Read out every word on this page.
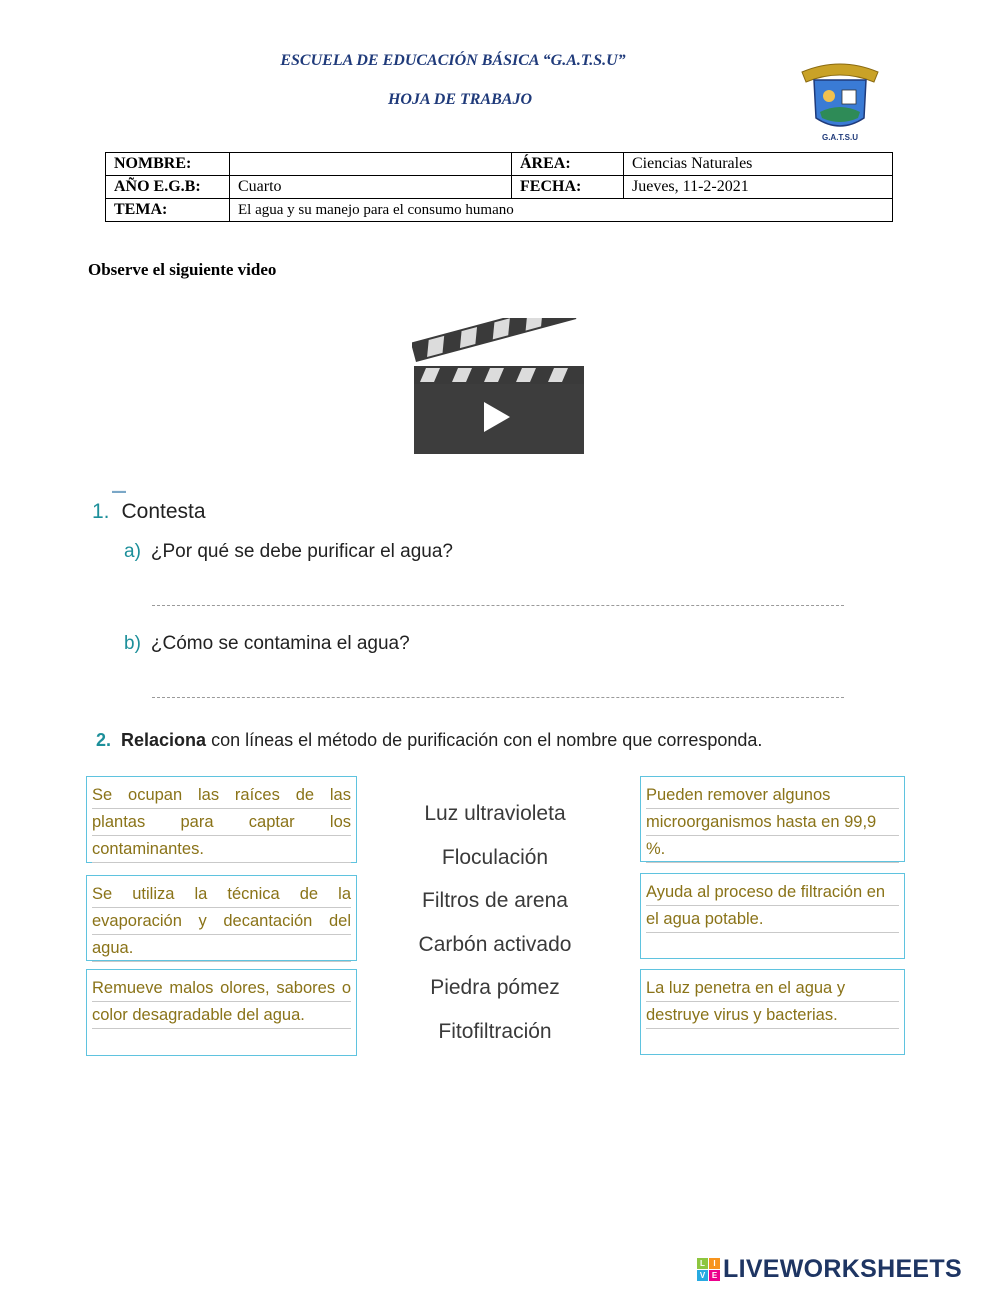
ESCUELA DE EDUCACIÓN BÁSICA “G.A.T.S.U”
HOJA DE TRABAJO
G.A.T.S.U
NOMBRE:		ÁREA:	Ciencias Naturales
AÑO E.G.B:	Cuarto	FECHA:	Jueves, 11-2-2021
TEMA:	El agua y su manejo para el consumo humano		
Observe el siguiente video
▬▬
1. Contesta
a) ¿Por qué se debe purificar el agua?
b) ¿Cómo se contamina el agua?
2. Relaciona con líneas el método de purificación con el nombre que corresponda.
Se ocupan las raíces de las plantas para captar los contaminantes.
Se utiliza la técnica de la evaporación y decantación del agua.
Remueve malos olores, sabores o color desagradable del agua.
Luz ultravioleta
Floculación
Filtros de arena
Carbón activado
Piedra pómez
Fitofiltración
Pueden remover algunos microorganismos hasta en 99,9 %.
Ayuda al proceso de filtración en el agua potable.
La luz penetra en el agua y destruye virus y bacterias.
L	I
V E LIVEWORKSHEETS
